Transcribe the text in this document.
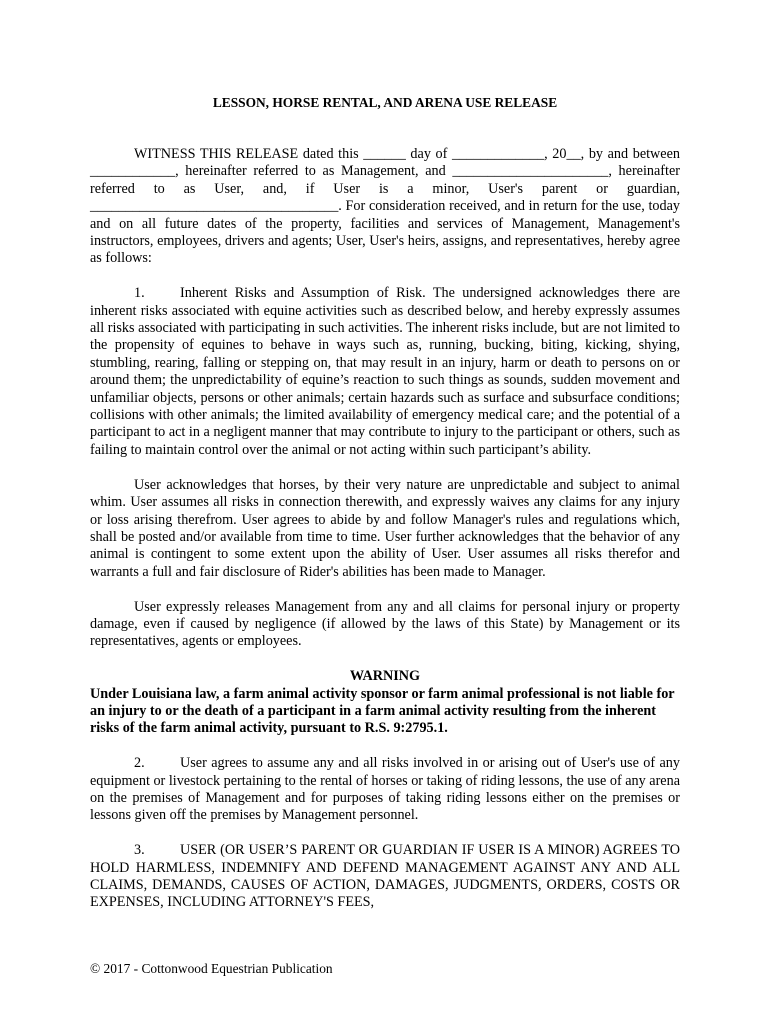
LESSON, HORSE RENTAL, AND ARENA USE RELEASE

WITNESS THIS RELEASE dated this ______ day of _____________, 20__, by and between ____________, hereinafter referred to as Management, and ______________________, hereinafter referred to as User, and, if User is a minor, User's parent or guardian, ___________________________________. For consideration received, and in return for the use, today and on all future dates of the property, facilities and services of Management, Management's instructors, employees, drivers and agents; User, User's heirs, assigns, and representatives, hereby agree as follows:

1. Inherent Risks and Assumption of Risk. The undersigned acknowledges there are inherent risks associated with equine activities such as described below, and hereby expressly assumes all risks associated with participating in such activities. The inherent risks include, but are not limited to the propensity of equines to behave in ways such as, running, bucking, biting, kicking, shying, stumbling, rearing, falling or stepping on, that may result in an injury, harm or death to persons on or around them; the unpredictability of equine’s reaction to such things as sounds, sudden movement and unfamiliar objects, persons or other animals; certain hazards such as surface and subsurface conditions; collisions with other animals; the limited availability of emergency medical care; and the potential of a participant to act in a negligent manner that may contribute to injury to the participant or others, such as failing to maintain control over the animal or not acting within such participant’s ability.

User acknowledges that horses, by their very nature are unpredictable and subject to animal whim. User assumes all risks in connection therewith, and expressly waives any claims for any injury or loss arising therefrom. User agrees to abide by and follow Manager's rules and regulations which, shall be posted and/or available from time to time. User further acknowledges that the behavior of any animal is contingent to some extent upon the ability of User. User assumes all risks therefor and warrants a full and fair disclosure of Rider's abilities has been made to Manager.

User expressly releases Management from any and all claims for personal injury or property damage, even if caused by negligence (if allowed by the laws of this State) by Management or its representatives, agents or employees.

WARNING

Under Louisiana law, a farm animal activity sponsor or farm animal professional is not liable for an injury to or the death of a participant in a farm animal activity resulting from the inherent risks of the farm animal activity, pursuant to R.S. 9:2795.1.

2. User agrees to assume any and all risks involved in or arising out of User's use of any equipment or livestock pertaining to the rental of horses or taking of riding lessons, the use of any arena on the premises of Management and for purposes of taking riding lessons either on the premises or lessons given off the premises by Management personnel.

3. USER (OR USER’S PARENT OR GUARDIAN IF USER IS A MINOR) AGREES TO HOLD HARMLESS, INDEMNIFY AND DEFEND MANAGEMENT AGAINST ANY AND ALL CLAIMS, DEMANDS, CAUSES OF ACTION, DAMAGES, JUDGMENTS, ORDERS, COSTS OR EXPENSES, INCLUDING ATTORNEY'S FEES,

© 2017 - Cottonwood Equestrian Publication
